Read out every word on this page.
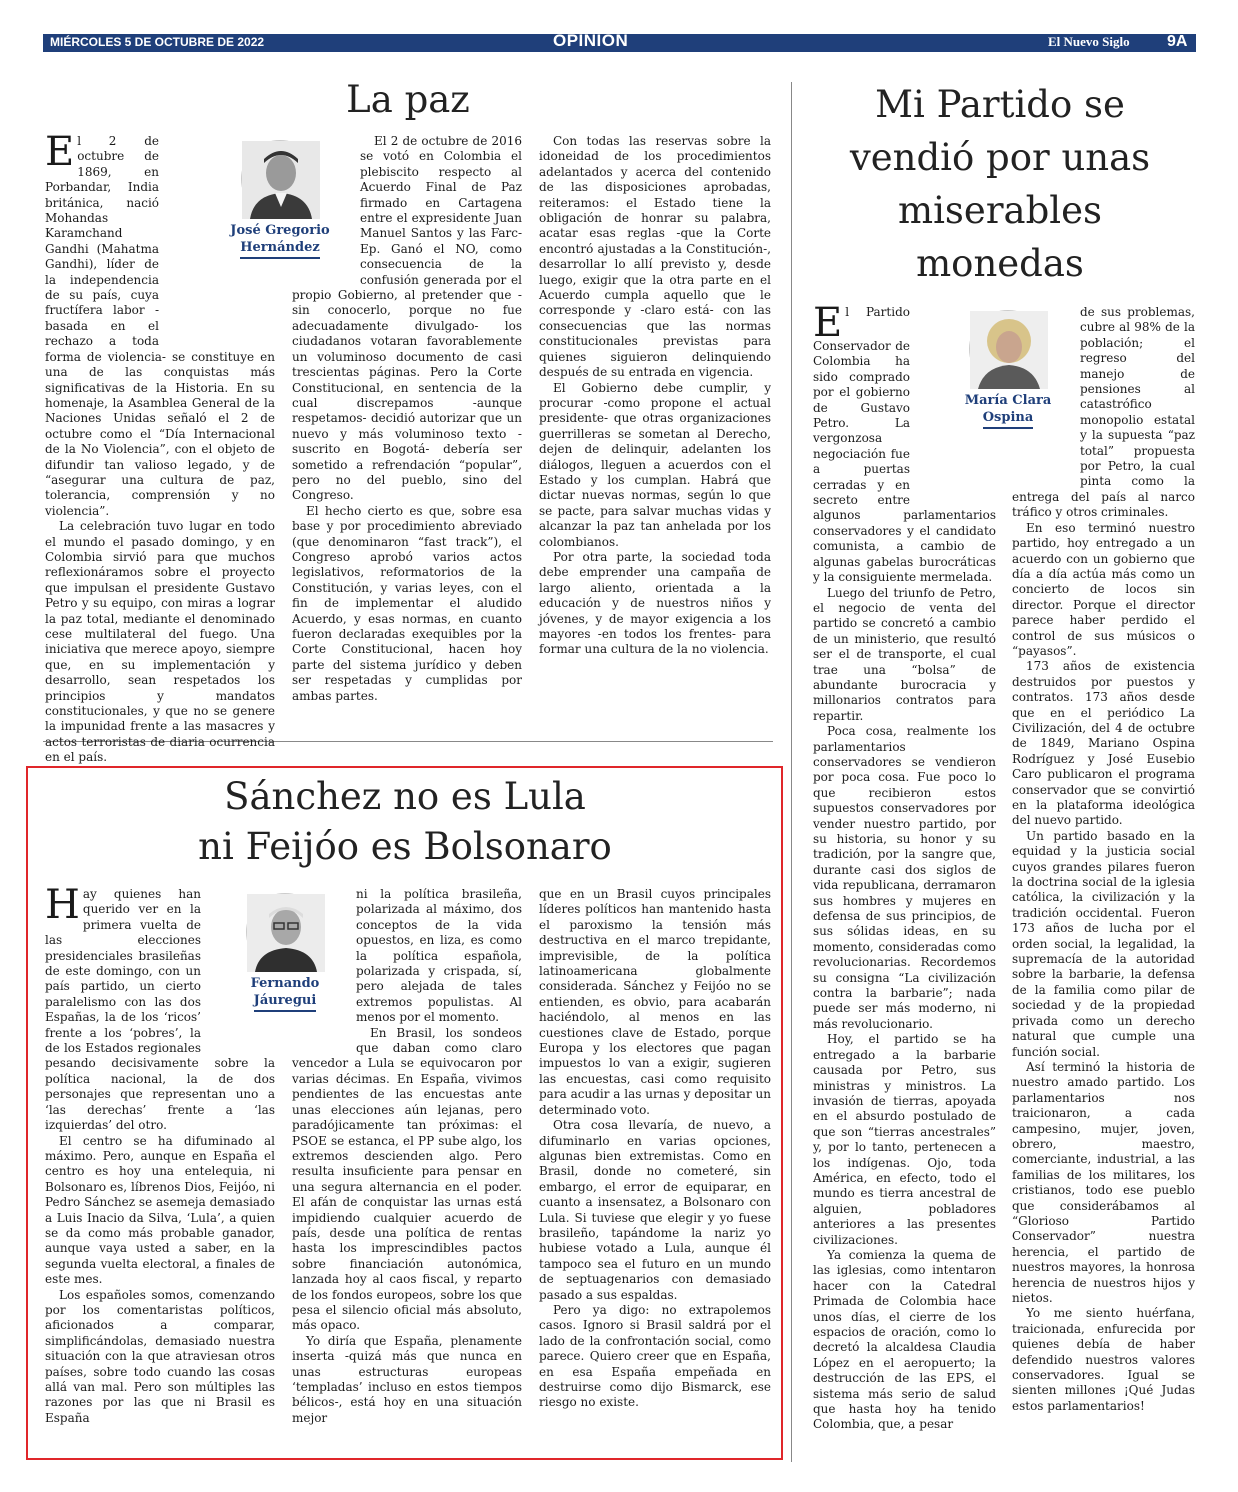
MIÉRCOLES 5 DE OCTUBRE DE 2022	OPINIÓN	El Nuevo Siglo 9A
La paz

El 2 de octubre de 1869, en Porbandar, India británica, nació Mohandas Karamchand Gandhi (Mahatma Gandhi), líder de la independencia de su país, cuya fructífera labor -basada en el rechazo a toda forma de violencia- se constituye en una de las conquistas más significativas de la Historia. En su homenaje, la Asamblea General de la Naciones Unidas señaló el 2 de octubre como el “Día Internacional de la No Violencia”, con el objeto de difundir tan valioso legado, y de “asegurar una cultura de paz, tolerancia, comprensión y no violencia”.

La celebración tuvo lugar en todo el mundo el pasado domingo, y en Colombia sirvió para que muchos reflexionáramos sobre el proyecto que impulsan el presidente Gustavo Petro y su equipo, con miras a lograr la paz total, mediante el denominado cese multilateral del fuego. Una iniciativa que merece apoyo, siempre que, en su implementación y desarrollo, sean respetados los principios y mandatos constitucionales, y que no se genere la impunidad frente a las masacres y actos terroristas de diaria ocurrencia en el país.

José Gregorio
Hernández

El 2 de octubre de 2016 se votó en Colombia el plebiscito respecto al Acuerdo Final de Paz firmado en Cartagena entre el expresidente Juan Manuel Santos y las Farc-Ep. Ganó el NO, como consecuencia de la confusión generada por el propio Gobierno, al pretender que -sin conocerlo, porque no fue adecuadamente divulgado- los ciudadanos votaran favorablemente un voluminoso documento de casi trescientas páginas. Pero la Corte Constitucional, en sentencia de la cual discrepamos -aunque respetamos- decidió autorizar que un nuevo y más voluminoso texto -suscrito en Bogotá- debería ser sometido a refrendación “popular”, pero no del pueblo, sino del Congreso.

El hecho cierto es que, sobre esa base y por procedimiento abreviado (que denominaron “fast track”), el Congreso aprobó varios actos legislativos, reformatorios de la Constitución, y varias leyes, con el fin de implementar el aludido Acuerdo, y esas normas, en cuanto fueron declaradas exequibles por la Corte Constitucional, hacen hoy parte del sistema jurídico y deben ser respetadas y cumplidas por ambas partes.

Con todas las reservas sobre la idoneidad de los procedimientos adelantados y acerca del contenido de las disposiciones aprobadas, reiteramos: el Estado tiene la obligación de honrar su palabra, acatar esas reglas -que la Corte encontró ajustadas a la Constitución-, desarrollar lo allí previsto y, desde luego, exigir que la otra parte en el Acuerdo cumpla aquello que le corresponde y -claro está- con las consecuencias que las normas constitucionales previstas para quienes siguieron delinquiendo después de su entrada en vigencia.

El Gobierno debe cumplir, y procurar -como propone el actual presidente- que otras organizaciones guerrilleras se sometan al Derecho, dejen de delinquir, adelanten los diálogos, lleguen a acuerdos con el Estado y los cumplan. Habrá que dictar nuevas normas, según lo que se pacte, para salvar muchas vidas y alcanzar la paz tan anhelada por los colombianos.

Por otra parte, la sociedad toda debe emprender una campaña de largo aliento, orientada a la educación y de nuestros niños y jóvenes, y de mayor exigencia a los mayores -en todos los frentes- para formar una cultura de la no violencia.

Mi Partido se
vendió por unas
miserables
monedas

El Partido Conservador de Colombia ha sido comprado por el gobierno de Gustavo Petro. La vergonzosa negociación fue a puertas cerradas y en secreto entre algunos parlamentarios conservadores y el candidato comunista, a cambio de algunas gabelas burocráticas y la consiguiente mermelada.

Luego del triunfo de Petro, el negocio de venta del partido se concretó a cambio de un ministerio, que resultó ser el de transporte, el cual trae una “bolsa” de abundante burocracia y millonarios contratos para repartir.

Poca cosa, realmente los parlamentarios conservadores se vendieron por poca cosa. Fue poco lo que recibieron estos supuestos conservadores por vender nuestro partido, por su historia, su honor y su tradición, por la sangre que, durante casi dos siglos de vida republicana, derramaron sus hombres y mujeres en defensa de sus principios, de sus sólidas ideas, en su momento, consideradas como revolucionarias. Recordemos su consigna “La civilización contra la barbarie”; nada puede ser más moderno, ni más revolucionario.

Hoy, el partido se ha entregado a la barbarie causada por Petro, sus ministras y ministros. La invasión de tierras, apoyada en el absurdo postulado de que son “tierras ancestrales” y, por lo tanto, pertenecen a los indígenas. Ojo, toda América, en efecto, todo el mundo es tierra ancestral de alguien, pobladores anteriores a las presentes civilizaciones.

Ya comienza la quema de las iglesias, como intentaron hacer con la Catedral Primada de Colombia hace unos días, el cierre de los espacios de oración, como lo decretó la alcaldesa Claudia López en el aeropuerto; la destrucción de las EPS, el sistema más serio de salud que hasta hoy ha tenido Colombia, que, a pesar

María Clara
Ospina

de sus problemas, cubre al 98% de la población; el regreso del manejo de pensiones al catastrófico monopolio estatal y la supuesta “paz total” propuesta por Petro, la cual pinta como la entrega del país al narco tráfico y otros criminales.

En eso terminó nuestro partido, hoy entregado a un acuerdo con un gobierno que día a día actúa más como un concierto de locos sin director. Porque el director parece haber perdido el control de sus músicos o “payasos”.

173 años de existencia destruidos por puestos y contratos. 173 años desde que en el periódico La Civilización, del 4 de octubre de 1849, Mariano Ospina Rodríguez y José Eusebio Caro publicaron el programa conservador que se convirtió en la plataforma ideológica del nuevo partido.

Un partido basado en la equidad y la justicia social cuyos grandes pilares fueron la doctrina social de la iglesia católica, la civilización y la tradición occidental. Fueron 173 años de lucha por el orden social, la legalidad, la supremacía de la autoridad sobre la barbarie, la defensa de la familia como pilar de sociedad y de la propiedad privada como un derecho natural que cumple una función social.

Así terminó la historia de nuestro amado partido. Los parlamentarios nos traicionaron, a cada campesino, mujer, joven, obrero, maestro, comerciante, industrial, a las familias de los militares, los cristianos, todo ese pueblo que considerábamos al “Glorioso Partido Conservador” nuestra herencia, el partido de nuestros mayores, la honrosa herencia de nuestros hijos y nietos.

Yo me siento huérfana, traicionada, enfurecida por quienes debía de haber defendido nuestros valores conservadores. Igual se sienten millones ¡Qué Judas estos parlamentarios!

Sánchez no es Lula
ni Feijóo es Bolsonaro

Hay quienes han querido ver en la primera vuelta de las elecciones presidenciales brasileñas de este domingo, con un país partido, un cierto paralelismo con las dos Españas, la de los ‘ricos’ frente a los ‘pobres’, la de los Estados regionales pesando decisivamente sobre la política nacional, la de dos personajes que representan uno a ‘las derechas’ frente a ‘las izquierdas’ del otro.

El centro se ha difuminado al máximo. Pero, aunque en España el centro es hoy una entelequia, ni Bolsonaro es, líbrenos Dios, Feijóo, ni Pedro Sánchez se asemeja demasiado a Luis Inacio da Silva, ‘Lula’, a quien se da como más probable ganador, aunque vaya usted a saber, en la segunda vuelta electoral, a finales de este mes.

Los españoles somos, comenzando por los comentaristas políticos, aficionados a comparar, simplificándolas, demasiado nuestra situación con la que atraviesan otros países, sobre todo cuando las cosas allá van mal. Pero son múltiples las razones por las que ni Brasil es España

Fernando
Jáuregui

ni la política brasileña, polarizada al máximo, dos conceptos de la vida opuestos, en liza, es como la política española, polarizada y crispada, sí, pero alejada de tales extremos populistas. Al menos por el momento.

En Brasil, los sondeos que daban como claro vencedor a Lula se equivocaron por varias décimas. En España, vivimos pendientes de las encuestas ante unas elecciones aún lejanas, pero paradójicamente tan próximas: el PSOE se estanca, el PP sube algo, los extremos descienden algo. Pero resulta insuficiente para pensar en una segura alternancia en el poder. El afán de conquistar las urnas está impidiendo cualquier acuerdo de país, desde una política de rentas hasta los imprescindibles pactos sobre financiación autonómica, lanzada hoy al caos fiscal, y reparto de los fondos europeos, sobre los que pesa el silencio oficial más absoluto, más opaco.

Yo diría que España, plenamente inserta -quizá más que nunca en unas estructuras europeas ‘templadas’ incluso en estos tiempos bélicos-, está hoy en una situación mejor

que en un Brasil cuyos principales líderes políticos han mantenido hasta el paroxismo la tensión más destructiva en el marco trepidante, imprevisible, de la política latinoamericana globalmente considerada. Sánchez y Feijóo no se entienden, es obvio, para acabarán haciéndolo, al menos en las cuestiones clave de Estado, porque Europa y los electores que pagan impuestos lo van a exigir, sugieren las encuestas, casi como requisito para acudir a las urnas y depositar un determinado voto.

Otra cosa llevaría, de nuevo, a difuminarlo en varias opciones, algunas bien extremistas. Como en Brasil, donde no cometeré, sin embargo, el error de equiparar, en cuanto a insensatez, a Bolsonaro con Lula. Si tuviese que elegir y yo fuese brasileño, tapándome la nariz yo hubiese votado a Lula, aunque él tampoco sea el futuro en un mundo de septuagenarios con demasiado pasado a sus espaldas.

Pero ya digo: no extrapolemos casos. Ignoro si Brasil saldrá por el lado de la confrontación social, como parece. Quiero creer que en España, en esa España empeñada en destruirse como dijo Bismarck, ese riesgo no existe.
